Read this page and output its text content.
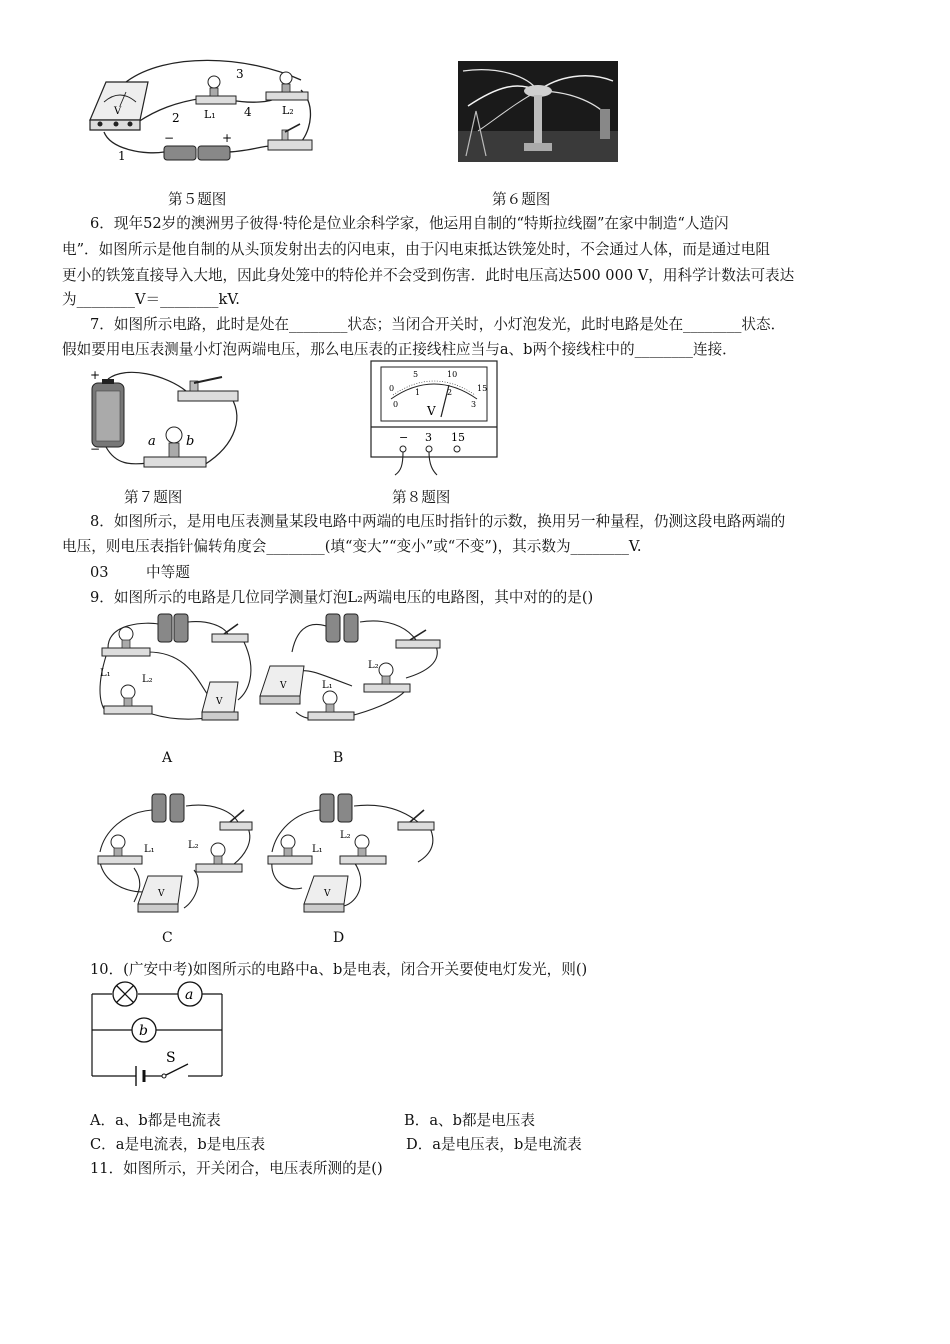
V
1
2
3
4
L₁	L₂
−	+
第５题图	第６题图
6．现年52岁的澳洲男子彼得·特伦是位业余科学家，他运用自制的“特斯拉线圈”在家中制造“人造闪
电”．如图所示是他自制的从头顶发射出去的闪电束，由于闪电束抵达铁笼处时，不会通过人体，而是通过电阻
更小的铁笼直接导入大地，因此身处笼中的特伦并不会受到伤害．此时电压高达500 000 V，用科学计数法可表达
为________V＝________kV.
7．如图所示电路，此时是处在________状态；当闭合开关时，小灯泡发光，此时电路是处在________状态．
假如要用电压表测量小灯泡两端电压，那么电压表的正接线柱应当与a、b两个接线柱中的________连接．
+
−	a b
0
5	10
15
0
1	2
3
V
− 3 15
第７题图	第８题图
8．如图所示，是用电压表测量某段电路中两端的电压时指针的示数，换用另一种量程，仍测这段电路两端的
电压，则电压表指针偏转角度会________(填“变大”“变小”或“不变”)，其示数为________V.
03	中等题
9．如图所示的电路是几位同学测量灯泡L₂两端电压的电路图，其中对的的是()
V
L₁
L₂
V
L₂
L₁
A	B
V
L₁	L₂
V
L₁
L₂
C	D
10．(广安中考)如图所示的电路中a、b是电表，闭合开关要使电灯发光，则()
a
b
S
A．a、b都是电流表	B．a、b都是电压表
C．a是电流表，b是电压表	D．a是电压表，b是电流表
11．如图所示，开关闭合，电压表所测的是()
